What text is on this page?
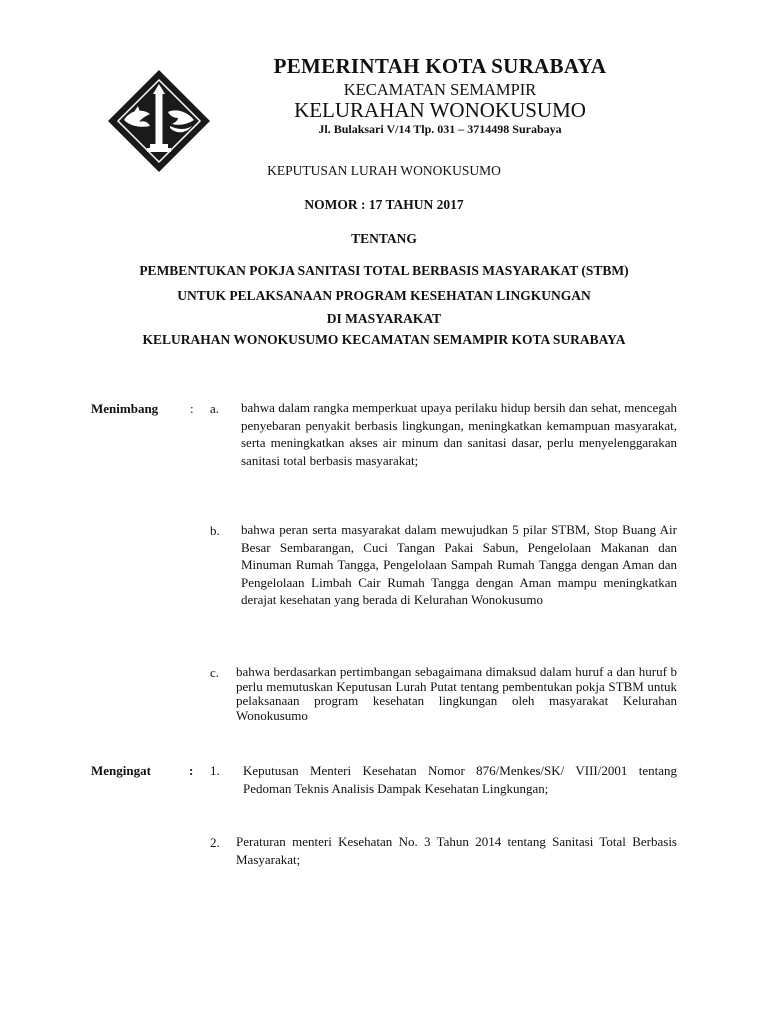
PEMERINTAH KOTA SURABAYA
KECAMATAN SEMAMPIR
KELURAHAN WONOKUSUMO
Jl. Bulaksari V/14 Tlp. 031 – 3714498 Surabaya
KEPUTUSAN LURAH WONOKUSUMO
NOMOR : 17 TAHUN 2017
TENTANG
PEMBENTUKAN POKJA SANITASI TOTAL BERBASIS MASYARAKAT (STBM)
UNTUK PELAKSANAAN PROGRAM KESEHATAN LINGKUNGAN
DI MASYARAKAT
KELURAHAN WONOKUSUMO KECAMATAN SEMAMPIR KOTA SURABAYA
Menimbang : a. bahwa dalam rangka memperkuat upaya perilaku hidup bersih dan sehat, mencegah penyebaran penyakit berbasis lingkungan, meningkatkan kemampuan masyarakat, serta meningkatkan akses air minum dan sanitasi dasar, perlu menyelenggarakan sanitasi total berbasis masyarakat;

b. bahwa peran serta masyarakat dalam mewujudkan 5 pilar STBM, Stop Buang Air Besar Sembarangan, Cuci Tangan Pakai Sabun, Pengelolaan Makanan dan Minuman Rumah Tangga, Pengelolaan Sampah Rumah Tangga dengan Aman dan Pengelolaan Limbah Cair Rumah Tangga dengan Aman mampu meningkatkan derajat kesehatan yang berada di Kelurahan Wonokusumo

c. bahwa berdasarkan pertimbangan sebagaimana dimaksud dalam huruf a dan huruf b perlu memutuskan Keputusan Lurah Putat tentang pembentukan pokja STBM untuk pelaksanaan program kesehatan lingkungan oleh masyarakat Kelurahan Wonokusumo

Mengingat	: 1. Keputusan Menteri Kesehatan Nomor 876/Menkes/SK/ VIII/2001 tentang Pedoman Teknis Analisis Dampak Kesehatan Lingkungan;

2. Peraturan menteri Kesehatan No. 3 Tahun 2014 tentang Sanitasi Total Berbasis Masyarakat;
